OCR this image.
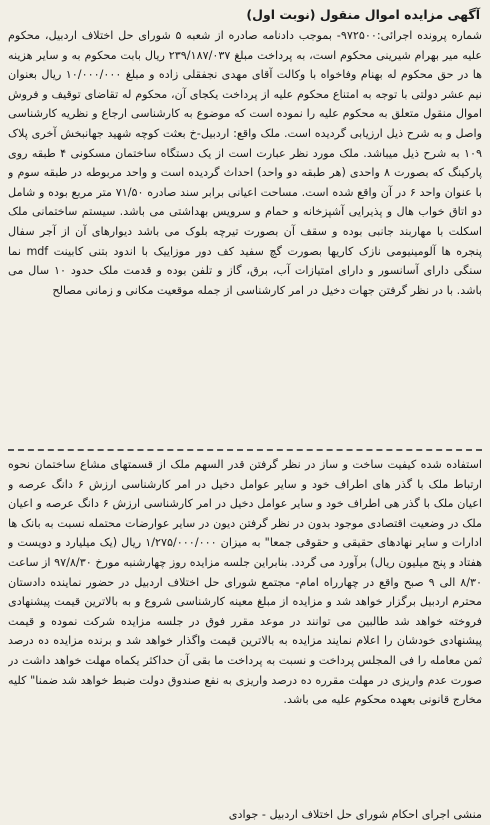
آگهی مزایده اموال منقول (نوبت اول)
شماره پرونده اجرائی:۹۷۲۵۰۰- بموجب دادنامه صادره از شعبه ۵ شورای حل اختلاف اردبیل، محکوم علیه میر بهرام شیرینی محکوم است، به پرداخت مبلغ ۲۳۹/۱۸۷/۰۳۷ ریال بابت محکوم به و سایر هزینه ها در حق محکوم له بهنام وفاخواه با وکالت آقای مهدی نجفقلی زاده و مبلغ ۱۰/۰۰۰/۰۰۰ ریال بعنوان نیم عشر دولتی با توجه به امتناع محکوم علیه از پرداخت یکجای آن، محکوم له تقاضای توقیف و فروش اموال منقول متعلق به محکوم علیه را نموده است که موضوع به کارشناسی ارجاع و نظریه کارشناسی واصل و به شرح ذیل ارزیابی گردیده است. ملک واقع: اردبیل-خ بعثت کوچه شهید جهانبخش آخری پلاک ۱۰۹ به شرح ذیل میباشد. ملک مورد نظر عبارت است از یک دستگاه ساختمان مسکونی ۴ طبقه روی پارکینگ که بصورت ۸ واحدی (هر طبقه دو واحد) احداث گردیده است و واحد مربوطه در طبقه سوم و با عنوان واحد ۶ در آن واقع شده است. مساحت اعیانی برابر سند صادره ۷۱/۵۰ متر مربع بوده و شامل دو اتاق خواب هال و پذیرایی آشپزخانه و حمام و سرویس بهداشتی می باشد. سیستم ساختمانی ملک اسکلت با مهاربند جانبی بوده و سقف آن بصورت تیرچه بلوک می باشد دیوارهای آن از آجر سفال پنجره ها آلومینیومی نازک کاریها بصورت گچ سفید کف دور موزاییک با اندود بتنی کابینت mdf نما سنگی دارای آسانسور و دارای امتیازات آب، برق، گاز و تلفن بوده و قدمت ملک حدود ۱۰ سال می باشد. با در نظر گرفتن جهات دخیل در امر کارشناسی از جمله موقعیت مکانی و زمانی مصالح
استفاده شده کیفیت ساخت و ساز در نظر گرفتن قدر السهم ملک از قسمتهای مشاع ساختمان نحوه ارتباط ملک با گذر های اطراف خود و سایر عوامل دخیل در امر کارشناسی ارزش ۶ دانگ عرصه و اعیان ملک با گذر هی اطراف خود و سایر عوامل دخیل در امر کارشناسی ارزش ۶ دانگ عرصه و اعیان ملک در وضعیت اقتصادی موجود بدون در نظر گرفتن دیون در سایر عوارضات محتمله نسبت به بانک ها ادارات و سایر نهادهای حقیقی و حقوقی جمعا" به میزان ۱/۲۷۵/۰۰۰/۰۰۰ ریال (یک میلیارد و دویست و هفتاد و پنج میلیون ریال) برآورد می گردد. بنابراین جلسه مزایده روز چهارشنبه مورخ ۹۷/۸/۳۰ از ساعت ۸/۳۰ الی ۹ صبح واقع در چهارراه امام- مجتمع شورای حل اختلاف اردبیل در حضور نماینده دادستان محترم اردبیل برگزار خواهد شد و مزایده از مبلغ معینه کارشناسی شروع و به بالاترین قیمت پیشنهادی فروخته خواهد شد طالبین می توانند در موعد مقرر فوق در جلسه مزایده شرکت نموده و قیمت پیشنهادی خودشان را اعلام نمایند مزایده به بالاترین قیمت واگذار خواهد شد و برنده مزایده ده درصد ثمن معامله را فی المجلس پرداخت و نسبت به پرداخت ما بقی آن حداکثر یکماه مهلت خواهد داشت در صورت عدم واریزی در مهلت مقرره ده درصد واریزی به نفع صندوق دولت ضبط خواهد شد ضمنا" کلیه مخارج قانونی بعهده محکوم علیه می باشد.
منشی اجرای احکام شورای حل اختلاف اردبیل - جوادی
